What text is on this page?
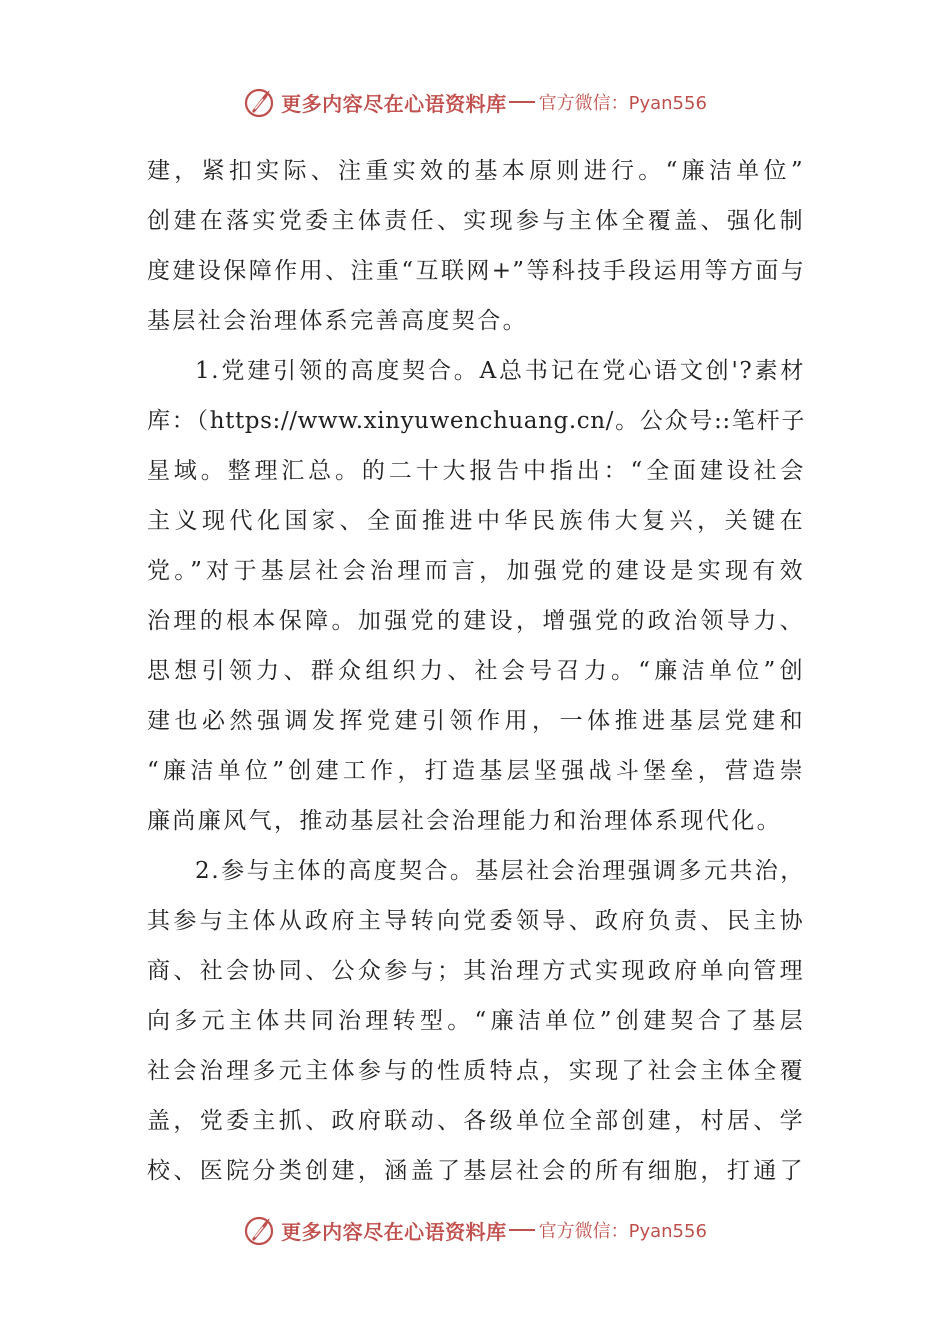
更多内容尽在心语资料库 官方微信：Pyan556
建，紧扣实际、注重实效的基本原则进行。“廉洁单位”
创建在落实党委主体责任、实现参与主体全覆盖、强化制
度建设保障作用、注重“互联网+”等科技手段运用等方面与
基层社会治理体系完善高度契合。
1.党建引领的高度契合。A总书记在党心语文创'?素材
库：（https://www.xinyuwenchuang.cn/。公众号::笔杆子
星域。整理汇总。的二十大报告中指出：“全面建设社会
主义现代化国家、全面推进中华民族伟大复兴，关键在
党。”对于基层社会治理而言，加强党的建设是实现有效
治理的根本保障。加强党的建设，增强党的政治领导力、
思想引领力、群众组织力、社会号召力。“廉洁单位”创
建也必然强调发挥党建引领作用，一体推进基层党建和
“廉洁单位”创建工作，打造基层坚强战斗堡垒，营造崇
廉尚廉风气，推动基层社会治理能力和治理体系现代化。
2.参与主体的高度契合。基层社会治理强调多元共治，
其参与主体从政府主导转向党委领导、政府负责、民主协
商、社会协同、公众参与；其治理方式实现政府单向管理
向多元主体共同治理转型。“廉洁单位”创建契合了基层
社会治理多元主体参与的性质特点，实现了社会主体全覆
盖，党委主抓、政府联动、各级单位全部创建，村居、学
校、医院分类创建，涵盖了基层社会的所有细胞，打通了
更多内容尽在心语资料库 官方微信：Pyan556
